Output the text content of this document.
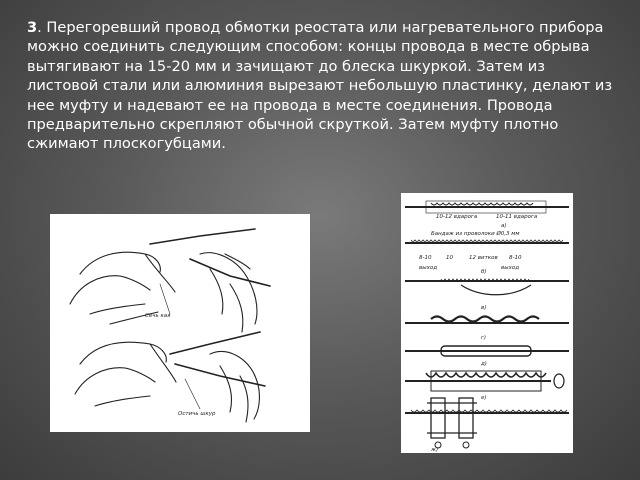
3. Перегоревший провод обмотки реостата или нагревательного прибора можно соединить следующим способом: концы провода в месте обрыва вытягивают на 15-20 мм и зачищают до блеска шкуркой. Затем из листовой стали или алюминия вырезают небольшую пластинку, делают из нее муфту и надевают ее на провода в месте соединения. Провода предварительно скрепляют обычной скруткой. Затем муфту плотно сжимают плоскогубцами.
Сечь кая
Остичь шкур
10-12 вдарога	10-11 вдарога
а)
Бандаж из проволоки Ø0,3 мм
8-10	10	12 витков 8-10
выход	выход
б)
в)
г)
д)
е)
ж)
